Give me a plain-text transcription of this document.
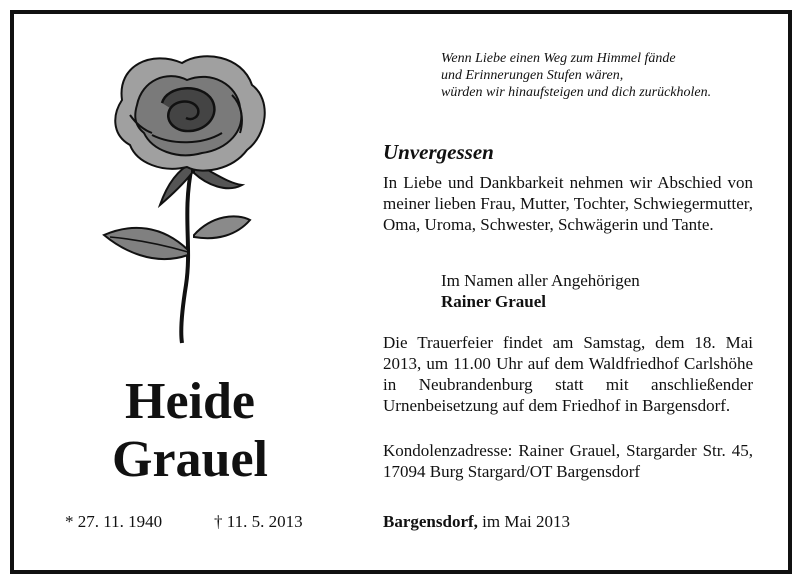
Wenn Liebe einen Weg zum Himmel fände
und Erinnerungen Stufen wären,
würden wir hinaufsteigen und dich zurückholen.
Unvergessen
In Liebe und Dankbarkeit nehmen wir Abschied von meiner lieben Frau, Mutter, Tochter, Schwiegermutter, Oma, Uroma, Schwester, Schwägerin und Tante.
Im Namen aller Angehörigen
Rainer Grauel
Die Trauerfeier findet am Samstag, dem 18. Mai 2013, um 11.00 Uhr auf dem Waldfriedhof Carlshöhe in Neubrandenburg statt mit anschließender Urnenbeisetzung auf dem Friedhof in Bargensdorf.
Kondolenzadresse: Rainer Grauel, Stargarder Str. 45, 17094 Burg Stargard/OT Bargensdorf
Bargensdorf, im Mai 2013
Heide
Grauel
* 27. 11. 1940	† 11. 5. 2013
